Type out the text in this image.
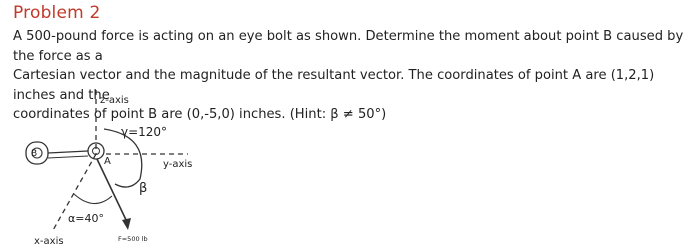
Problem 2
A 500-pound force is acting on an eye bolt as shown. Determine the moment about point B caused by the force as a
Cartesian vector and the magnitude of the resultant vector. The coordinates of point A are (1,2,1) inches and the
coordinates of point B are (0,-5,0) inches. (Hint: β ≠ 50°)
z-axis
y-axis
x-axis
B
A
γ=120°
β
α=40°
F=500 lb
